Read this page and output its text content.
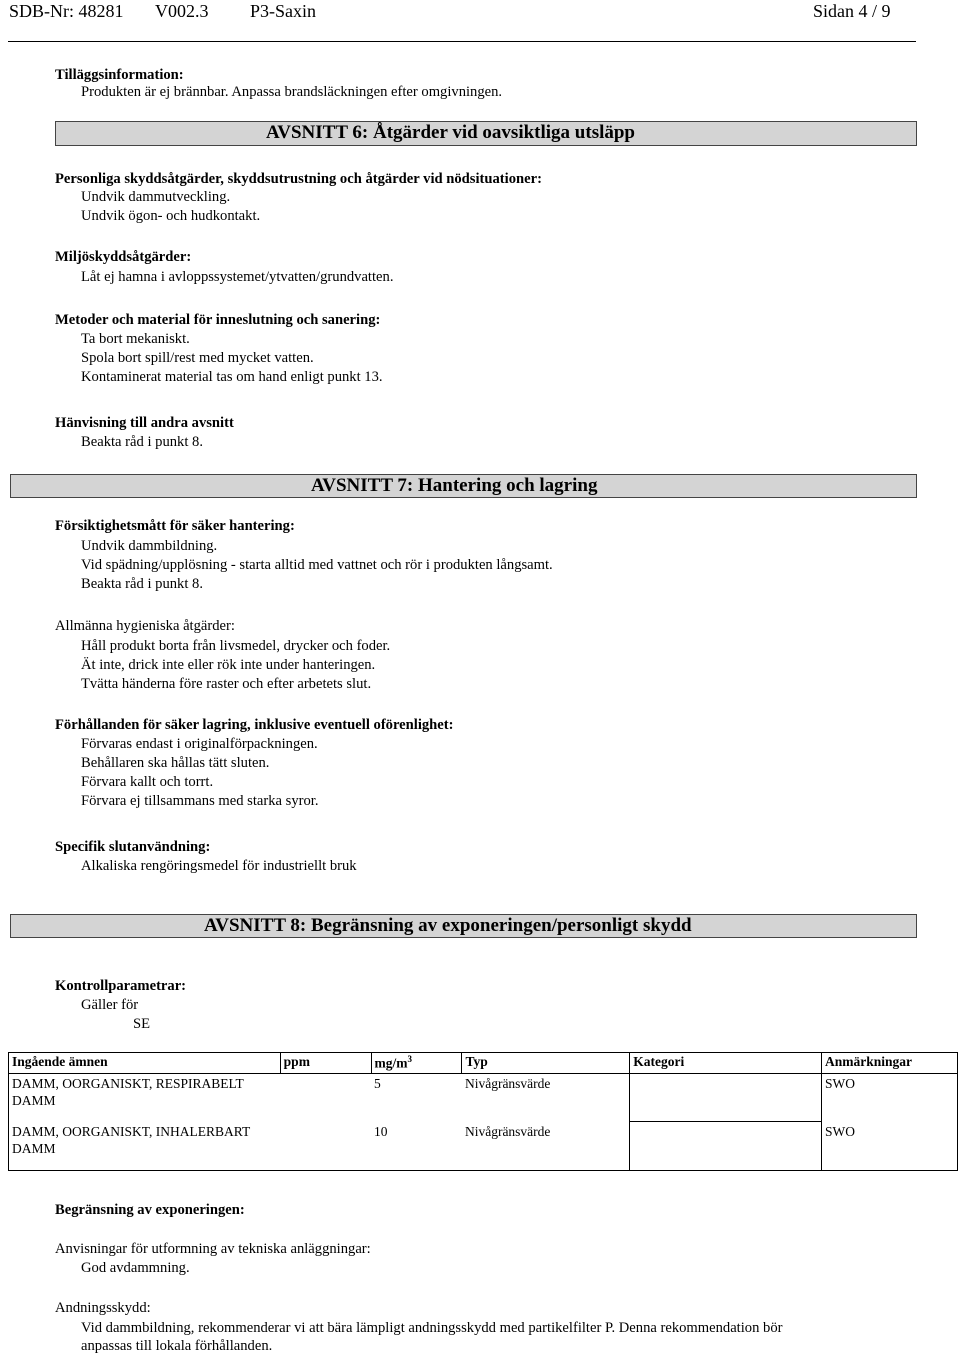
SDB-Nr: 48281 V002.3 P3-Saxin	Sidan 4 / 9
Tilläggsinformation:
Produkten är ej brännbar. Anpassa brandsläckningen efter omgivningen.
AVSNITT 6: Åtgärder vid oavsiktliga utsläpp
Personliga skyddsåtgärder, skyddsutrustning och åtgärder vid nödsituationer:
Undvik dammutveckling.
Undvik ögon- och hudkontakt.
Miljöskyddsåtgärder:
Låt ej hamna i avloppssystemet/ytvatten/grundvatten.
Metoder och material för inneslutning och sanering:
Ta bort mekaniskt.
Spola bort spill/rest med mycket vatten.
Kontaminerat material tas om hand enligt punkt 13.
Hänvisning till andra avsnitt
Beakta råd i punkt 8.
AVSNITT 7: Hantering och lagring
Försiktighetsmått för säker hantering:
Undvik dammbildning.
Vid spädning/upplösning - starta alltid med vattnet och rör i produkten långsamt.
Beakta råd i punkt 8.
Allmänna hygieniska åtgärder:
Håll produkt borta från livsmedel, drycker och foder.
Ät inte, drick inte eller rök inte under hanteringen.
Tvätta händerna före raster och efter arbetets slut.
Förhållanden för säker lagring, inklusive eventuell oförenlighet:
Förvaras endast i originalförpackningen.
Behållaren ska hållas tätt sluten.
Förvara kallt och torrt.
Förvara ej tillsammans med starka syror.
Specifik slutanvändning:
Alkaliska rengöringsmedel för industriellt bruk
AVSNITT 8: Begränsning av exponeringen/personligt skydd
Kontrollparametrar:
Gäller för
SE
Ingående ämnen	ppm	$mg/m^3$	Typ	Kategori	Anmärkningar
DAMM, OORGANISKT, RESPIRABELT DAMM		5	Nivågränsvärde		SWO
DAMM, OORGANISKT, INHALERBART DAMM		10	Nivågränsvärde		SWO
Begränsning av exponeringen:
Anvisningar för utformning av tekniska anläggningar:
God avdammning.
Andningsskydd:
Vid dammbildning, rekommenderar vi att bära lämpligt andningsskydd med partikelfilter P. Denna rekommendation bör
anpassas till lokala förhållanden.
